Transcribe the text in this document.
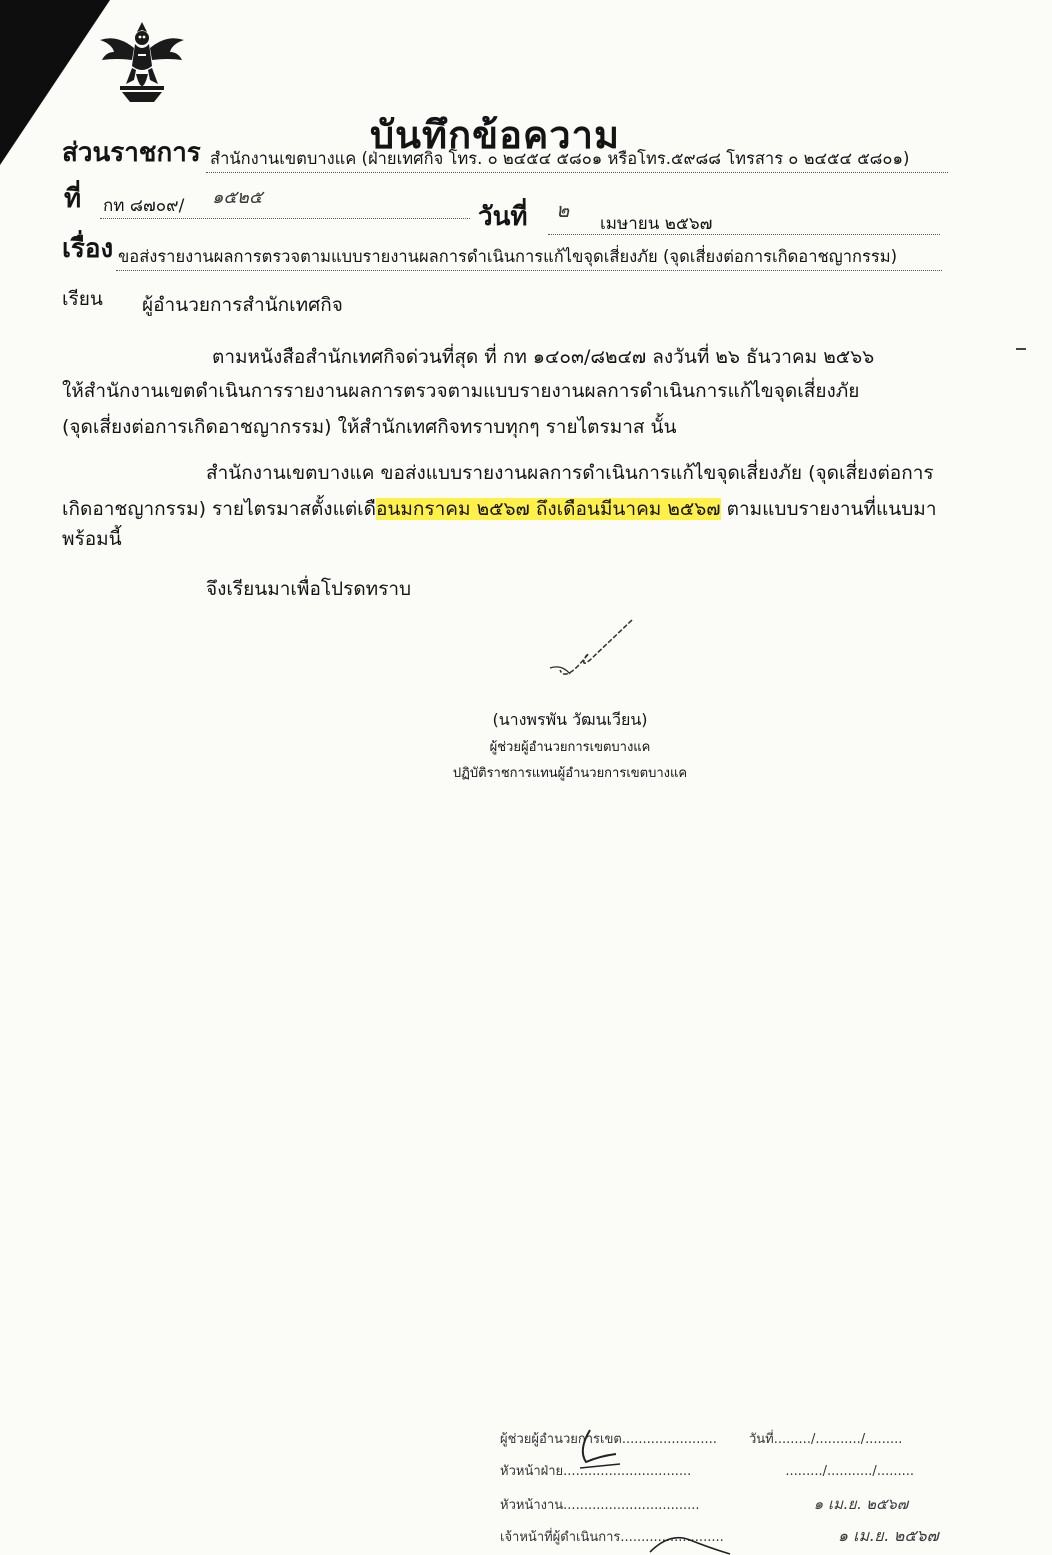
บันทึกข้อความ
ส่วนราชการ สำนักงานเขตบางแค (ฝ่ายเทศกิจ โทร. ๐ ๒๔๕๔ ๕๘๐๑ หรือโทร.๕๙๘๘ โทรสาร ๐ ๒๔๕๔ ๕๘๐๑)
ที่ กท ๘๗๐๙/ ๑๕๒๕
วันที่ ๒
เมษายน ๒๕๖๗
เรื่อง ขอส่งรายงานผลการตรวจตามแบบรายงานผลการดำเนินการแก้ไขจุดเสี่ยงภัย (จุดเสี่ยงต่อการเกิดอาชญากรรม)
เรียน ผู้อำนวยการสำนักเทศกิจ
ตามหนังสือสำนักเทศกิจด่วนที่สุด ที่ กท ๑๔๐๓/๘๒๔๗ ลงวันที่ ๒๖ ธันวาคม ๒๕๖๖
ให้สำนักงานเขตดำเนินการรายงานผลการตรวจตามแบบรายงานผลการดำเนินการแก้ไขจุดเสี่ยงภัย
(จุดเสี่ยงต่อการเกิดอาชญากรรม) ให้สำนักเทศกิจทราบทุกๆ รายไตรมาส นั้น
สำนักงานเขตบางแค ขอส่งแบบรายงานผลการดำเนินการแก้ไขจุดเสี่ยงภัย (จุดเสี่ยงต่อการ
เกิดอาชญากรรม) รายไตรมาสตั้งแต่เดือนมกราคม ๒๕๖๗ ถึงเดือนมีนาคม ๒๕๖๗ ตามแบบรายงานที่แนบมา
พร้อมนี้
จึงเรียนมาเพื่อโปรดทราบ
(นางพรพัน วัฒนเวียน)
ผู้ช่วยผู้อำนวยการเขตบางแค
ปฏิบัติราชการแทนผู้อำนวยการเขตบางแค
ผู้ช่วยผู้อำนวยการเขต....................... วันที่........./.........../.........
หัวหน้าฝ่าย...............................	........./.........../.........
หัวหน้างาน.................................	๑ เม.ย. ๒๕๖๗
เจ้าหน้าที่ผู้ดำเนินการ.........................	๑ เม.ย. ๒๕๖๗
